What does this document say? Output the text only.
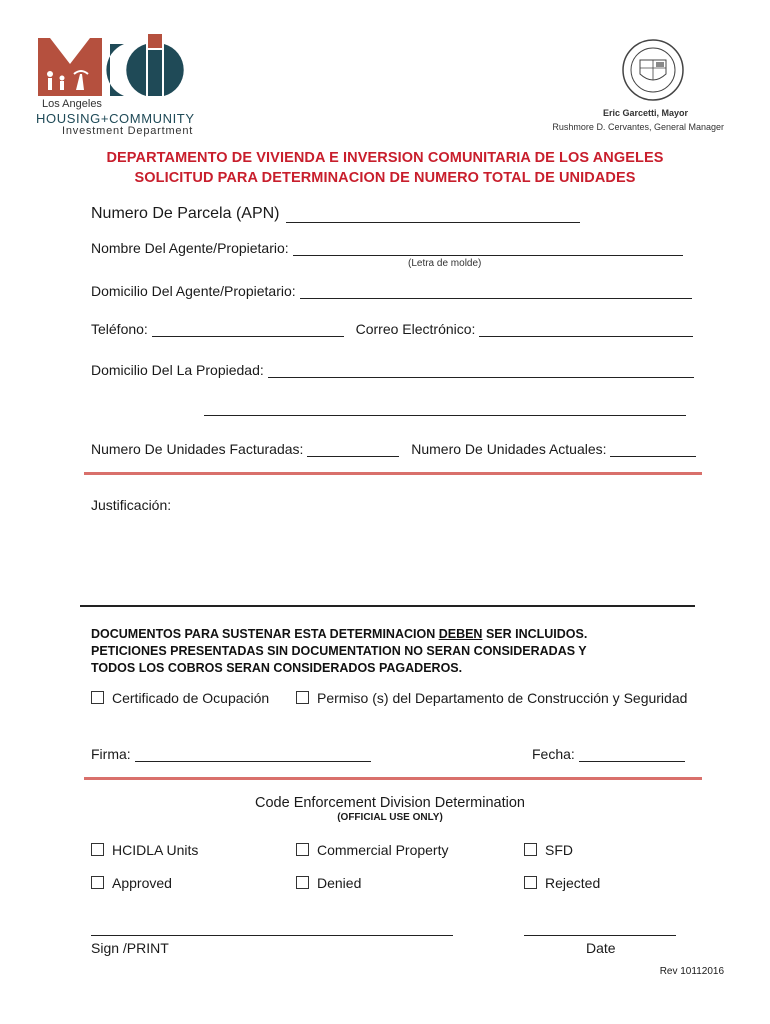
Los Angeles
HOUSING+COMMUNITY
Investment Department
Eric Garcetti, Mayor
Rushmore D. Cervantes, General Manager
DEPARTAMENTO DE VIVIENDA E INVERSION COMUNITARIA DE LOS ANGELES
SOLICITUD PARA DETERMINACION DE NUMERO TOTAL DE UNIDADES
Numero De Parcela (APN)
Nombre Del Agente/Propietario:
(Letra de molde)
Domicilio Del Agente/Propietario:
Teléfono:	Correo Electrónico:
Domicilio Del La Propiedad:
Numero De Unidades Facturadas:	Numero De Unidades Actuales:
Justificación:
DOCUMENTOS PARA SUSTENAR ESTA DETERMINACION DEBEN SER INCLUIDOS.
PETICIONES PRESENTADAS SIN DOCUMENTATION NO SERAN CONSIDERADAS Y
TODOS LOS COBROS SERAN CONSIDERADOS PAGADEROS.
Certificado de Ocupación	Permiso (s) del Departamento de Construcción y Seguridad
Firma:	Fecha:
Code Enforcement Division Determination
(OFFICIAL USE ONLY)
HCIDLA Units	Commercial Property	SFD
Approved	Denied	Rejected
Sign /PRINT	Date
Rev 10112016
